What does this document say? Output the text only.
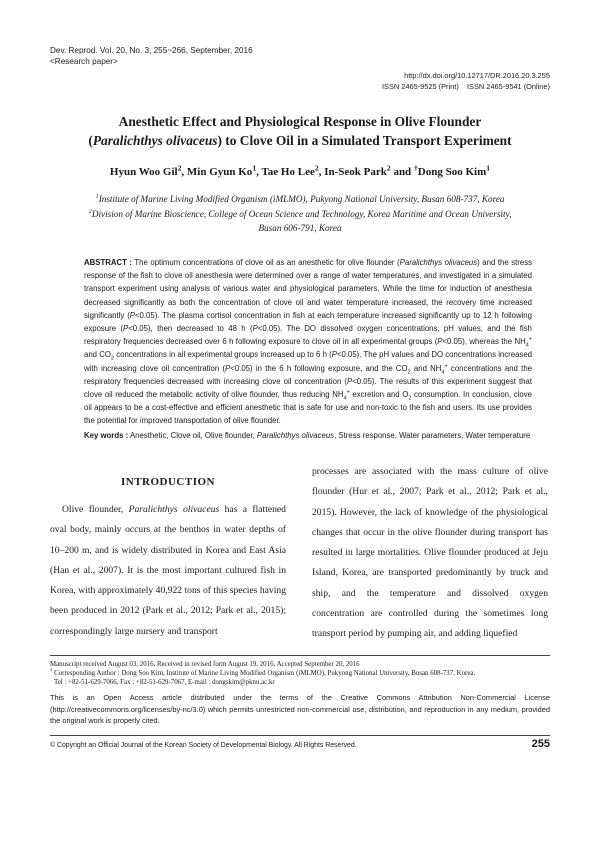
Dev. Reprod. Vol. 20, No. 3, 255~266, September, 2016
<Research paper>
http://dx.doi.org/10.12717/DR.2016.20.3.255
ISSN 2465-9525 (Print)    ISSN 2465-9541 (Online)
Anesthetic Effect and Physiological Response in Olive Flounder
(Paralichthys olivaceus) to Clove Oil in a Simulated Transport Experiment
Hyun Woo Gil$^2$, Min Gyun Ko$^1$, Tae Ho Lee$^2$, In-Seok Park$^2$ and †Dong Soo Kim$^1$
$^1$Institute of Marine Living Modified Organism (iMLMO), Pukyong National University, Busan 608-737, Korea
$^2$Division of Marine Bioscience, College of Ocean Science and Technology, Korea Maritime and Ocean University,
Busan 606-791, Korea
ABSTRACT : The optimum concentrations of clove oil as an anesthetic for olive flounder (Paralichthys olivaceus) and the stress response of the fish to clove oil anesthesia were determined over a range of water temperatures, and investigated in a simulated transport experiment using analysis of various water and physiological parameters. While the time for induction of anesthesia decreased significantly as both the concentration of clove oil and water temperature increased, the recovery time increased significantly (P<0.05). The plasma cortisol concentration in fish at each temperature increased significantly up to 12 h following exposure (P<0.05), then decreased to 48 h (P<0.05). The DO dissolved oxygen concentrations, pH values, and the fish respiratory frequencies decreased over 6 h following exposure to clove oil in all experimental groups (P<0.05), whereas the $NH_4^+$ and $CO_2$ concentrations in all experimental groups increased up to 6 h (P<0.05). The pH values and DO concentrations increased with increasing clove oil concentration (P<0.05) in the 6 h following exposure, and the $CO_2$ and $NH_4^+$ concentrations and the respiratory frequencies decreased with increasing clove oil concentration (P<0.05). The results of this experiment suggest that clove oil reduced the metabolic activity of olive flounder, thus reducing $NH_4^+$ excretion and $O_2$ consumption. In conclusion, clove oil appears to be a cost-effective and efficient anesthetic that is safe for use and non-toxic to the fish and users. Its use provides the potential for improved transportation of olive flounder.
Key words : Anesthetic, Clove oil, Olive flounder, Paralichthys olivaceus, Stress response, Water parameters, Water temperature
INTRODUCTION
Olive flounder, Paralichthys olivaceus has a flattened oval body, mainly occurs at the benthos in water depths of 10–200 m, and is widely distributed in Korea and East Asia (Han et al., 2007). It is the most important cultured fish in Korea, with approximately 40,922 tons of this species having been produced in 2012 (Park et al., 2012; Park et al., 2015); correspondingly large nursery and transport
processes are associated with the mass culture of olive flounder (Hur et al., 2007; Park et al., 2012; Park et al., 2015). However, the lack of knowledge of the physiological changes that occur in the olive flounder during transport has resulted in large mortalities. Olive flounder produced at Jeju Island, Korea, are transported predominantly by truck and ship, and the temperature and dissolved oxygen concentration are controlled during the sometimes long transport period by pumping air, and adding liquefied
Manuscript received August 03, 2016, Received in revised form August 19, 2016, Accepted September 20, 2016
† Corresponding Author : Dong Soo Kim, Institute of Marine Living Modified Organism (iMLMO), Pukyong National University, Busan 608-737, Korea.
Tel : +82-51-629-7066, Fax : +82-51-629-7067, E-mail : dongskim@pknu.ac.kr
This is an Open Access article distributed under the terms of the Creative Commons Attribution Non-Commercial License (http://creativecommons.org/licenses/by-nc/3.0) which permits unrestricted non-commercial use, distribution, and reproduction in any medium, provided the original work is properly cited.
© Copyright an Official Journal of the Korean Society of Developmental Biology. All Rights Reserved.	255
